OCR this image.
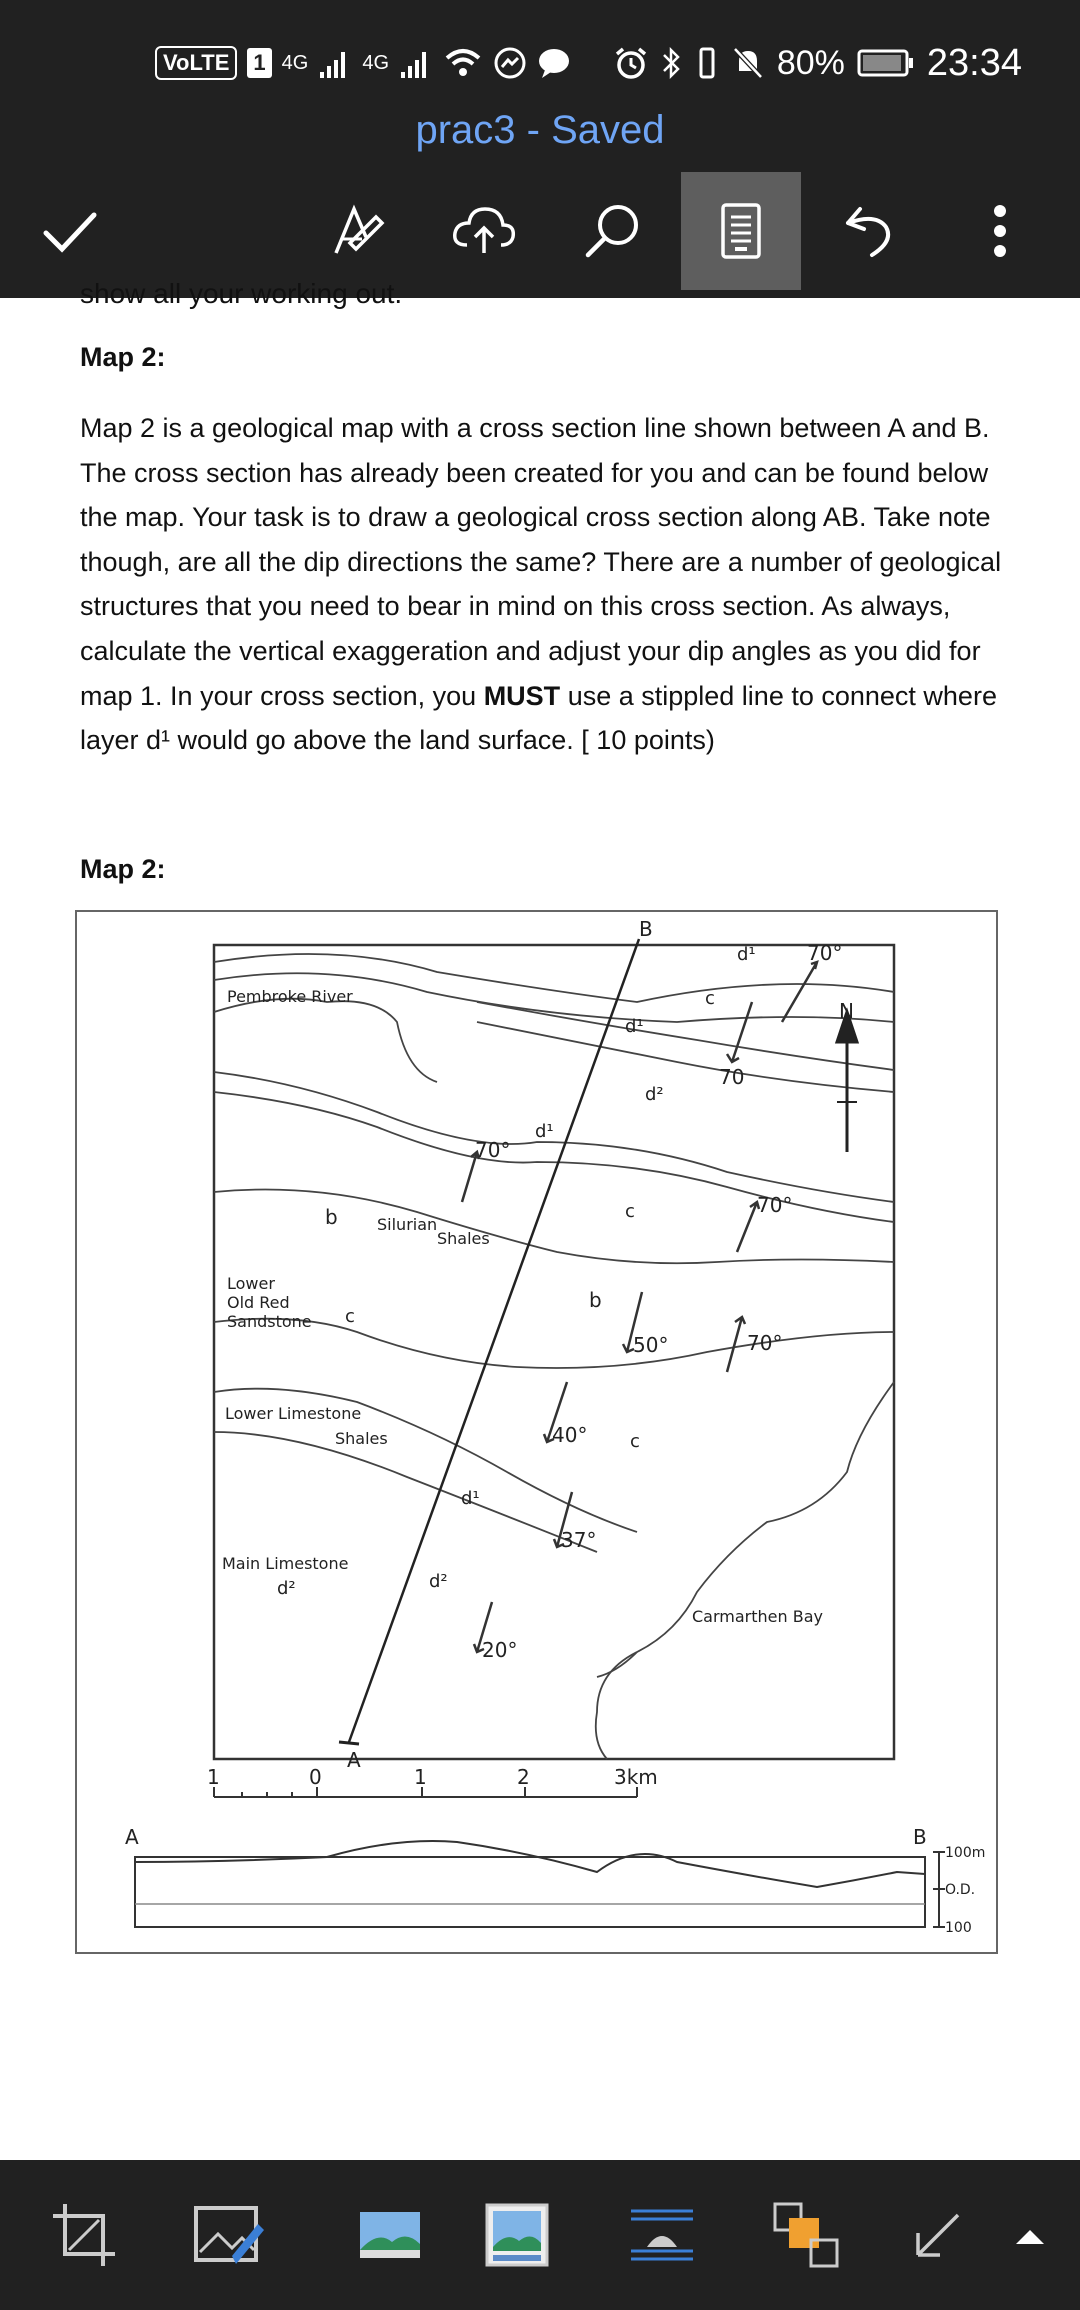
VoLTE	1 4G	4G	80% 23:34
prac3 - Saved
show all your working out.
Map 2:
Map 2 is a geological map with a cross section line shown between A and B. The cross section has already been created for you and can be found below the map. Your task is to draw a geological cross section along AB. Take note though, are all the dip directions the same? There are a number of geological structures that you need to bear in mind on this cross section. As always, calculate the vertical exaggeration and adjust your dip angles as you did for map 1. In your cross section, you MUST use a stippled line to connect where layer d¹ would go above the land surface. [ 10 points)
Map 2:
B
A
Pembroke River
Silurian
Shales
Lower
Old Red
Sandstone
Lower Limestone
Shales
Main Limestone
Carmarthen Bay
N
d¹
c
d¹
d²
d¹
b
c
c
b
c
d¹
d²	d²
70°
70
70°
70°
50°	70°
40°
37°
20°
1	0	1	2	3km
A	B
100m
O.D.
100
